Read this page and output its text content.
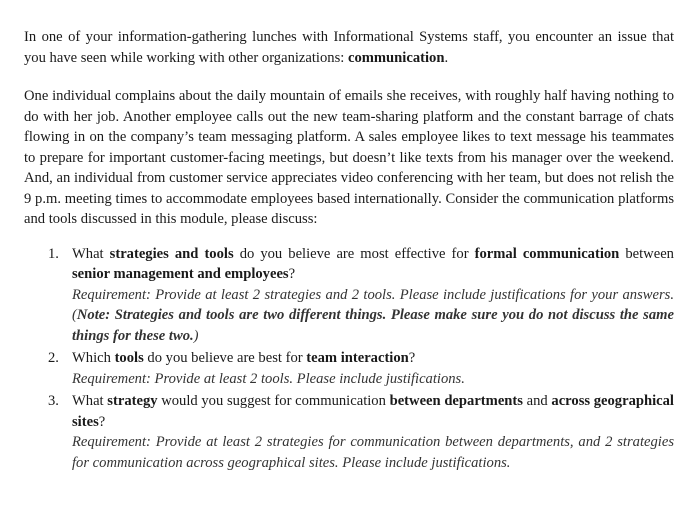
In one of your information-gathering lunches with Informational Systems staff, you encounter an issue that you have seen while working with other organizations: communication.

One individual complains about the daily mountain of emails she receives, with roughly half having nothing to do with her job. Another employee calls out the new team-sharing platform and the constant barrage of chats flowing in on the company’s team messaging platform. A sales employee likes to text message his teammates to prepare for important customer-facing meetings, but doesn’t like texts from his manager over the weekend. And, an individual from customer service appreciates video conferencing with her team, but does not relish the 9 p.m. meeting times to accommodate employees based internationally. Consider the communication platforms and tools discussed in this module, please discuss:

1. What strategies and tools do you believe are most effective for formal communication between senior management and employees?
Requirement: Provide at least 2 strategies and 2 tools. Please include justifications for your answers. (Note: Strategies and tools are two different things. Please make sure you do not discuss the same things for these two.)
2. Which tools do you believe are best for team interaction?
Requirement: Provide at least 2 tools. Please include justifications.
3. What strategy would you suggest for communication between departments and across geographical sites?
Requirement: Provide at least 2 strategies for communication between departments, and 2 strategies for communication across geographical sites. Please include justifications.
